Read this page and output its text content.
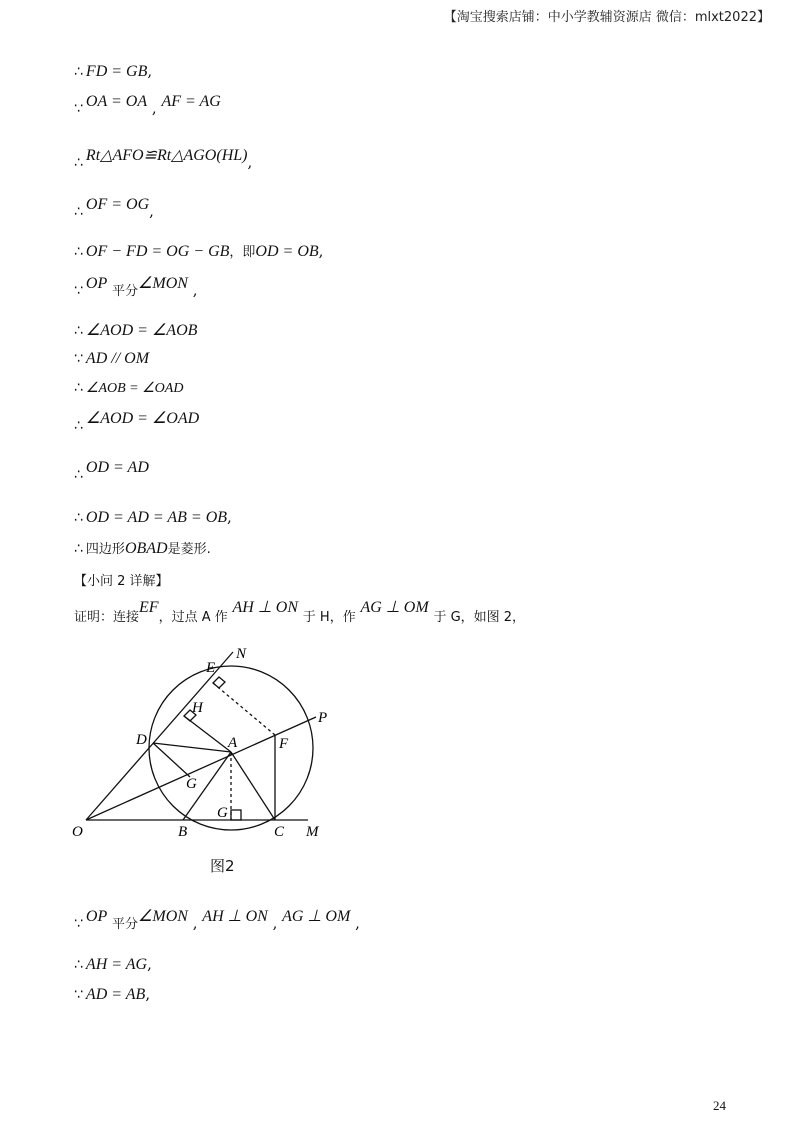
【淘宝搜索店铺：中小学教辅资源店 微信：mlxt2022】
∴ FD = GB,
∵ OA = OA , AF = AG
∴ Rt△AFO≌Rt△AGO(HL),
∴ OF = OG,
∴ OF − FD = OG − GB，即OD = OB,
∵ OP 平分∠MON ,
∴ ∠AOD = ∠AOB
∵ AD // OM
∴ ∠AOB = ∠OAD
∴ ∠AOD = ∠OAD
∴ OD = AD
∴ OD = AD = AB = OB,
∴ 四边形OBAD是菱形.
【小问 2 详解】
证明：连接EF，过点 A 作 AH ⊥ ON 于 H，作 AG ⊥ OM 于 G，如图 2，
O	B	C M
N
E
H
D	A	F
P
G
G
图2
∵ OP 平分∠MON , AH ⊥ ON , AG ⊥ OM ,
∴ AH = AG,
∵ AD = AB,
24
